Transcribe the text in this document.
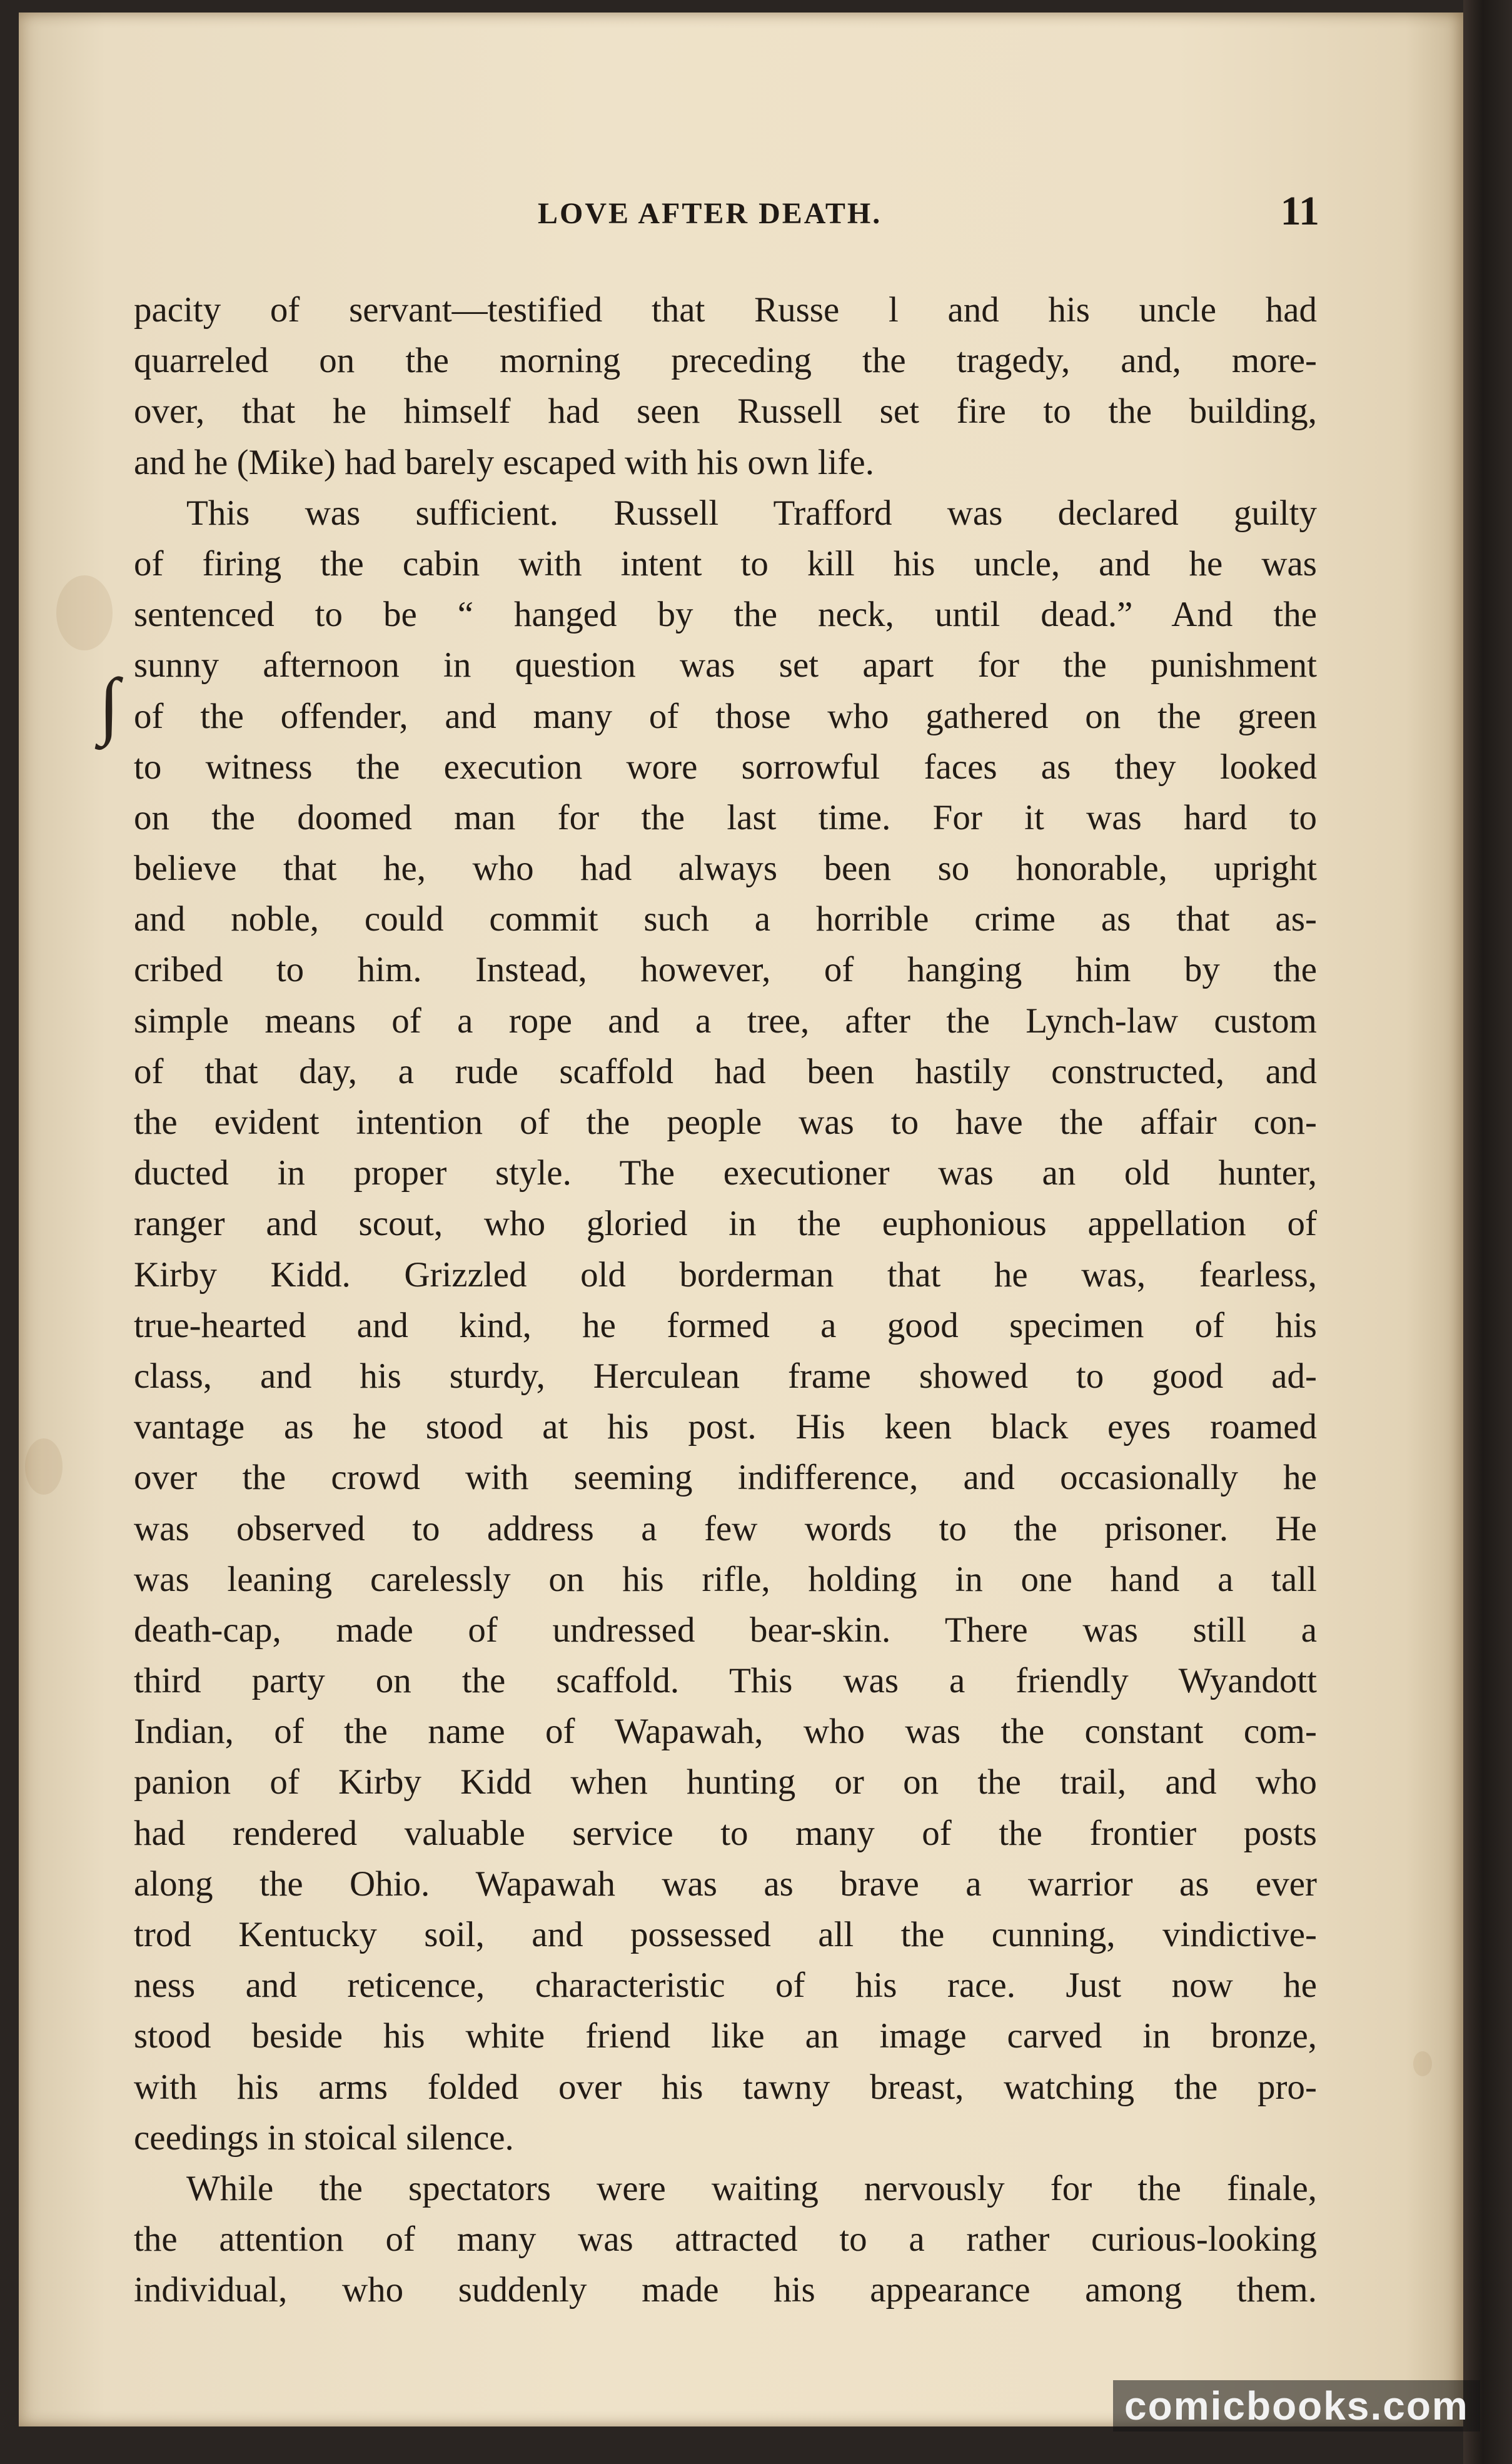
LOVE AFTER DEATH.	11
∫
pacity of servant—testified that Russe l and his uncle had
quarreled on the morning preceding the tragedy, and, more-
over, that he himself had seen Russell set fire to the building,
and he (Mike) had barely escaped with his own life.
This was sufficient. Russell Trafford was declared guilty
of firing the cabin with intent to kill his uncle, and he was
sentenced to be “ hanged by the neck, until dead.” And the
sunny afternoon in question was set apart for the punishment
of the offender, and many of those who gathered on the green
to witness the execution wore sorrowful faces as they looked
on the doomed man for the last time. For it was hard to
believe that he, who had always been so honorable, upright
and noble, could commit such a horrible crime as that as-
cribed to him. Instead, however, of hanging him by the
simple means of a rope and a tree, after the Lynch-law custom
of that day, a rude scaffold had been hastily constructed, and
the evident intention of the people was to have the affair con-
ducted in proper style. The executioner was an old hunter,
ranger and scout, who gloried in the euphonious appellation of
Kirby Kidd. Grizzled old borderman that he was, fearless,
true-hearted and kind, he formed a good specimen of his
class, and his sturdy, Herculean frame showed to good ad-
vantage as he stood at his post. His keen black eyes roamed
over the crowd with seeming indifference, and occasionally he
was observed to address a few words to the prisoner. He
was leaning carelessly on his rifle, holding in one hand a tall
death-cap, made of undressed bear-skin. There was still a
third party on the scaffold. This was a friendly Wyandott
Indian, of the name of Wapawah, who was the constant com-
panion of Kirby Kidd when hunting or on the trail, and who
had rendered valuable service to many of the frontier posts
along the Ohio. Wapawah was as brave a warrior as ever
trod Kentucky soil, and possessed all the cunning, vindictive-
ness and reticence, characteristic of his race. Just now he
stood beside his white friend like an image carved in bronze,
with his arms folded over his tawny breast, watching the pro-
ceedings in stoical silence.
While the spectators were waiting nervously for the finale,
the attention of many was attracted to a rather curious-looking
individual, who suddenly made his appearance among them.
comicbooks.com
